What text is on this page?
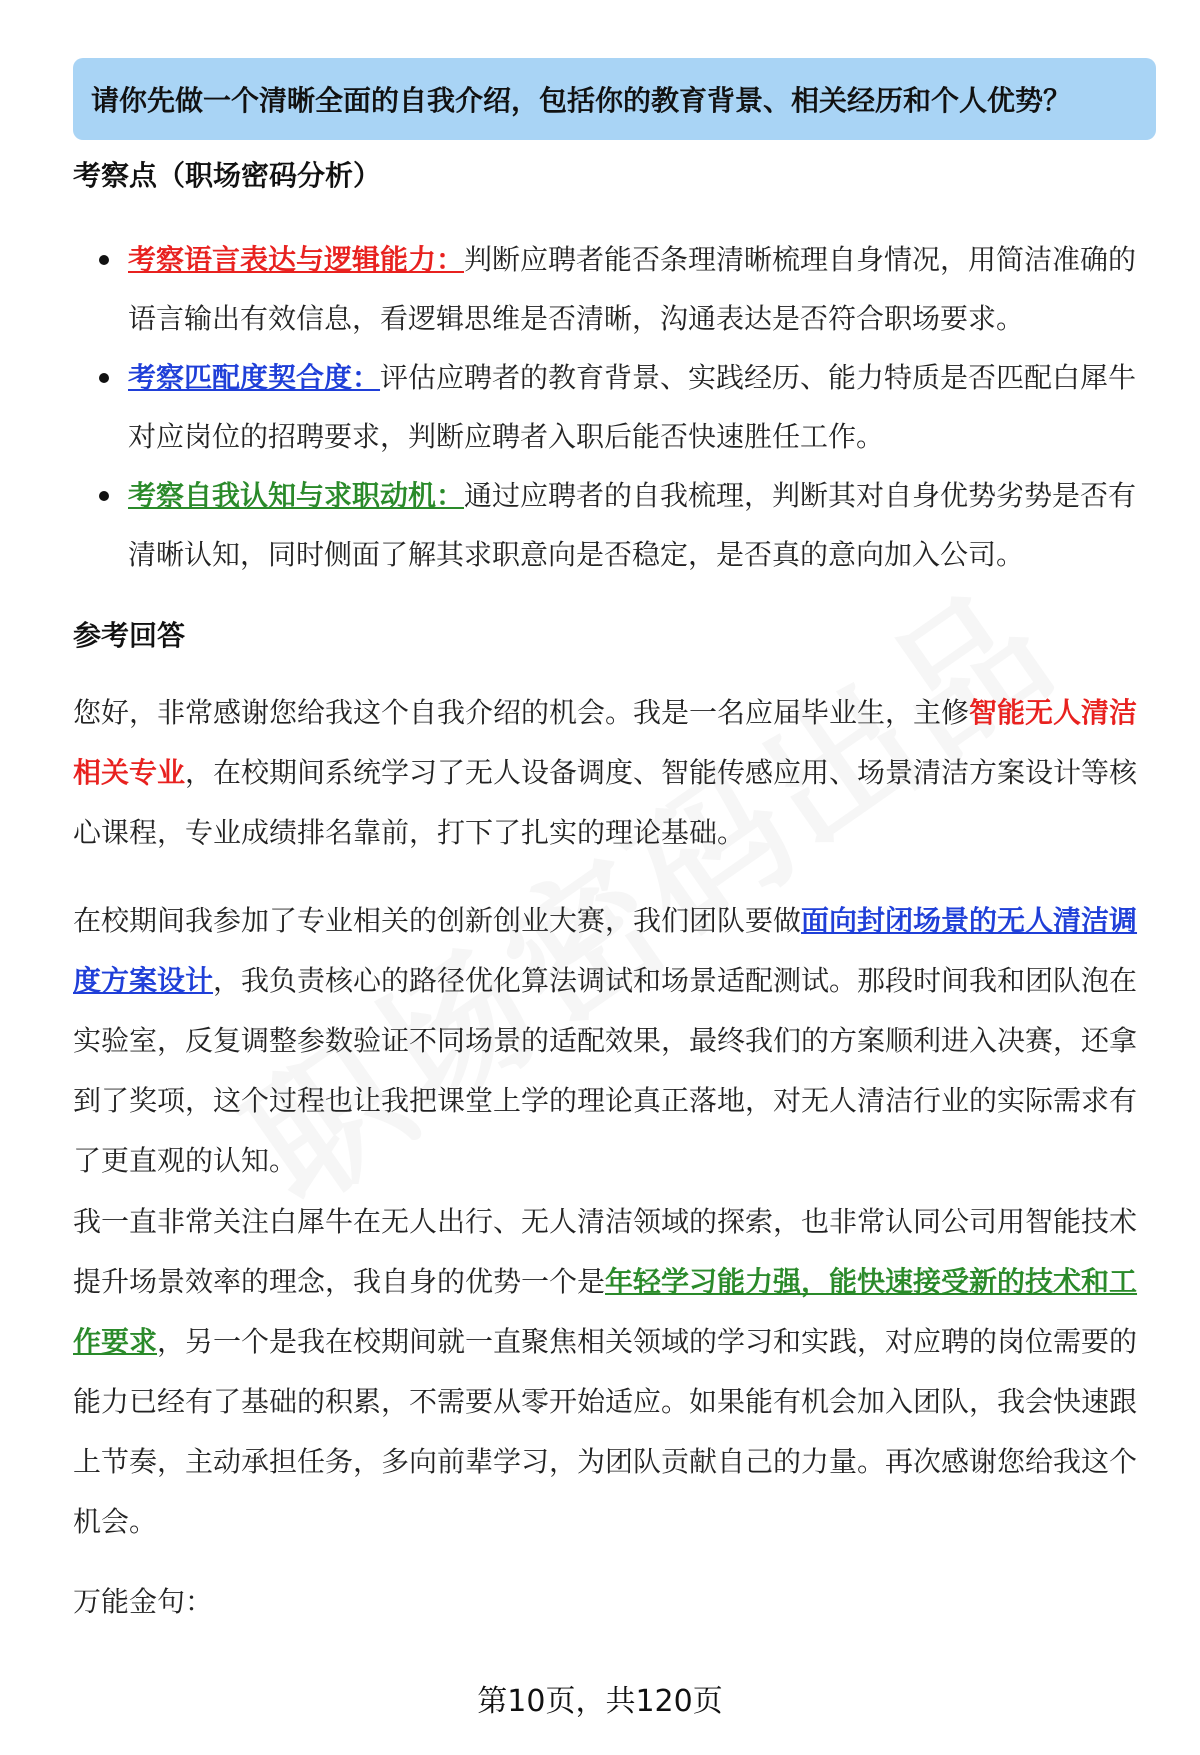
请你先做一个清晰全面的自我介绍，包括你的教育背景、相关经历和个人优势？
考察点（职场密码分析）
考察语言表达与逻辑能力：判断应聘者能否条理清晰梳理自身情况，用简洁准确的语言输出有效信息，看逻辑思维是否清晰，沟通表达是否符合职场要求。
考察匹配度契合度：评估应聘者的教育背景、实践经历、能力特质是否匹配白犀牛对应岗位的招聘要求，判断应聘者入职后能否快速胜任工作。
考察自我认知与求职动机：通过应聘者的自我梳理，判断其对自身优势劣势是否有清晰认知，同时侧面了解其求职意向是否稳定，是否真的意向加入公司。
参考回答
您好，非常感谢您给我这个自我介绍的机会。我是一名应届毕业生，主修智能无人清洁相关专业，在校期间系统学习了无人设备调度、智能传感应用、场景清洁方案设计等核心课程，专业成绩排名靠前，打下了扎实的理论基础。
在校期间我参加了专业相关的创新创业大赛，我们团队要做面向封闭场景的无人清洁调度方案设计，我负责核心的路径优化算法调试和场景适配测试。那段时间我和团队泡在实验室，反复调整参数验证不同场景的适配效果，最终我们的方案顺利进入决赛，还拿到了奖项，这个过程也让我把课堂上学的理论真正落地，对无人清洁行业的实际需求有了更直观的认知。
我一直非常关注白犀牛在无人出行、无人清洁领域的探索，也非常认同公司用智能技术提升场景效率的理念，我自身的优势一个是年轻学习能力强，能快速接受新的技术和工作要求，另一个是我在校期间就一直聚焦相关领域的学习和实践，对应聘的岗位需要的能力已经有了基础的积累，不需要从零开始适应。如果能有机会加入团队，我会快速跟上节奏，主动承担任务，多向前辈学习，为团队贡献自己的力量。再次感谢您给我这个机会。
万能金句：
第10页，共120页
